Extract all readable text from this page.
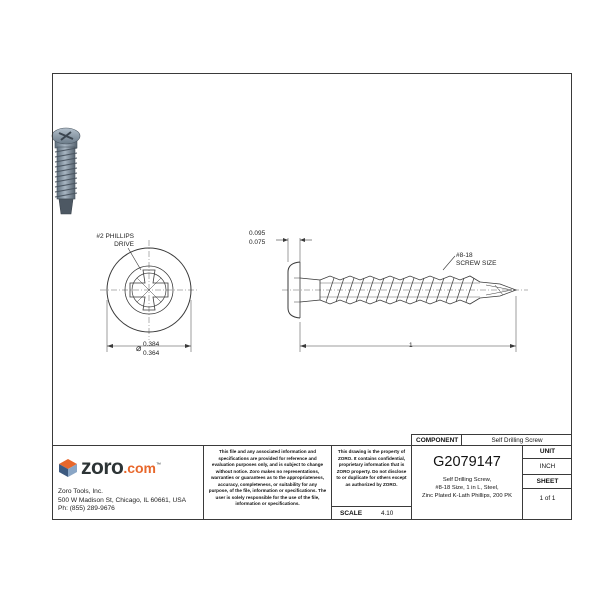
#2 PHILLIPS
DRIVE
⌀ 0.384
0.364
0.095
0.075
#8-18
SCREW SIZE
1
zoro .com ™
Zoro Tools, Inc.
500 W Madison St, Chicago, IL 60661, USA
Ph: (855) 289-9676
This file and any associated information and specifications are provided for reference and evaluation purposes only, and is subject to change without notice. Zoro makes no representations, warranties or guarantees as to the appropriateness, accuracy, completeness, or suitability for any purpose, of the file, information or specifications. The user is solely responsible for the use of the file, information or specifications.
This drawing is the property of ZORO. It contains confidential, proprietary information that is ZORO property. Do not disclose to or duplicate for others except as authorized by ZORO.
SCALE	4.10
COMPONENT	Self Drilling Screw
G2079147
Self Drilling Screw,
#8-18 Size, 1 in L, Steel,
Zinc Plated K-Lath Phillips, 200 PK
UNIT
INCH
SHEET
1 of 1
